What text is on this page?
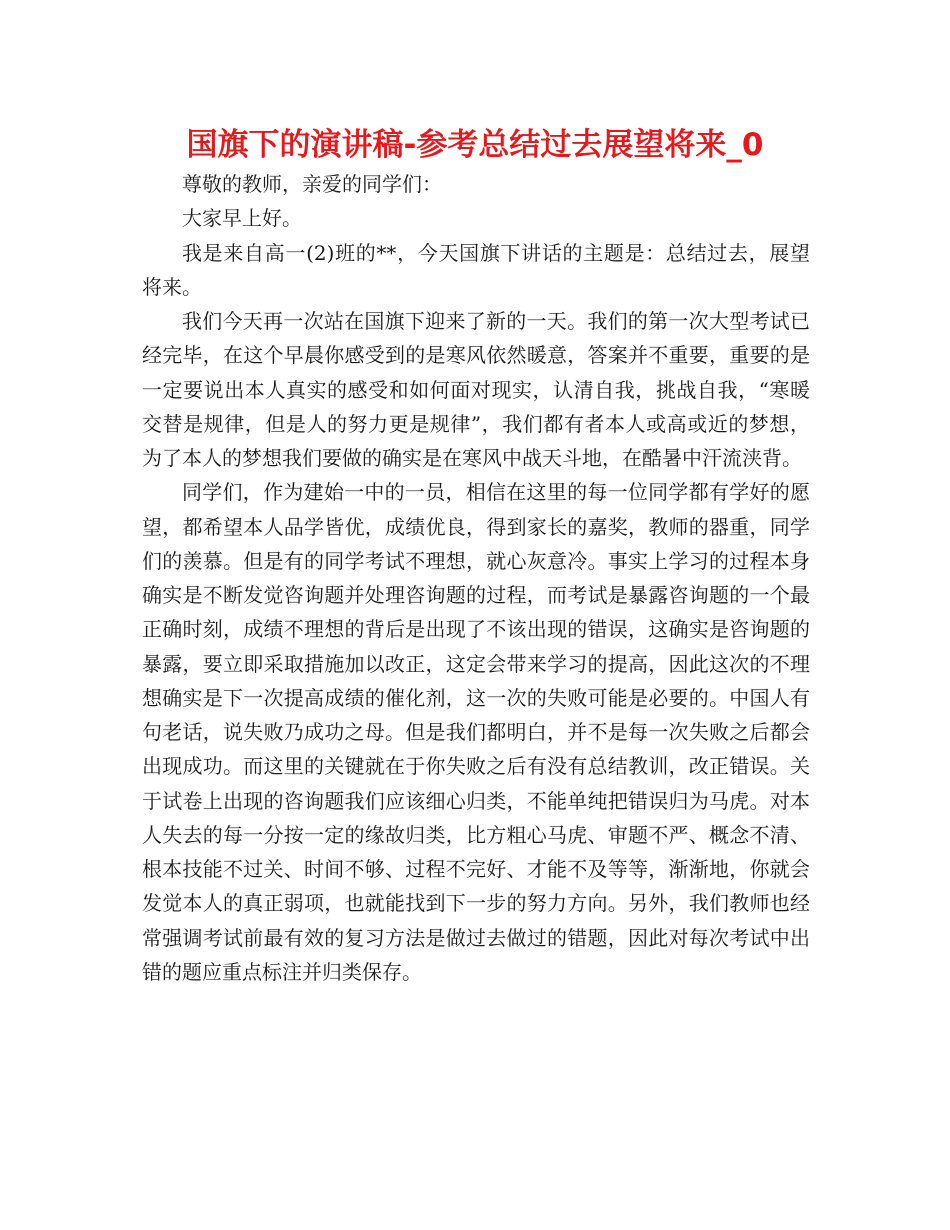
国旗下的演讲稿-参考总结过去展望将来_0

尊敬的教师，亲爱的同学们：

大家早上好。

我是来自高一(2)班的**，今天国旗下讲话的主题是：总结过去，展望将来。

我们今天再一次站在国旗下迎来了新的一天。我们的第一次大型考试已经完毕，在这个早晨你感受到的是寒风依然暖意，答案并不重要，重要的是一定要说出本人真实的感受和如何面对现实，认清自我，挑战自我，“寒暖交替是规律，但是人的努力更是规律”，我们都有者本人或高或近的梦想，为了本人的梦想我们要做的确实是在寒风中战天斗地，在酷暑中汗流浃背。

同学们，作为建始一中的一员，相信在这里的每一位同学都有学好的愿望，都希望本人品学皆优，成绩优良，得到家长的嘉奖，教师的器重，同学们的羡慕。但是有的同学考试不理想，就心灰意冷。事实上学习的过程本身确实是不断发觉咨询题并处理咨询题的过程，而考试是暴露咨询题的一个最正确时刻，成绩不理想的背后是出现了不该出现的错误，这确实是咨询题的暴露，要立即采取措施加以改正，这定会带来学习的提高，因此这次的不理想确实是下一次提高成绩的催化剂，这一次的失败可能是必要的。中国人有句老话，说失败乃成功之母。但是我们都明白，并不是每一次失败之后都会出现成功。而这里的关键就在于你失败之后有没有总结教训，改正错误。关于试卷上出现的咨询题我们应该细心归类，不能单纯把错误归为马虎。对本人失去的每一分按一定的缘故归类，比方粗心马虎、审题不严、概念不清、根本技能不过关、时间不够、过程不完好、才能不及等等，渐渐地，你就会发觉本人的真正弱项，也就能找到下一步的努力方向。另外，我们教师也经常强调考试前最有效的复习方法是做过去做过的错题，因此对每次考试中出错的题应重点标注并归类保存。
